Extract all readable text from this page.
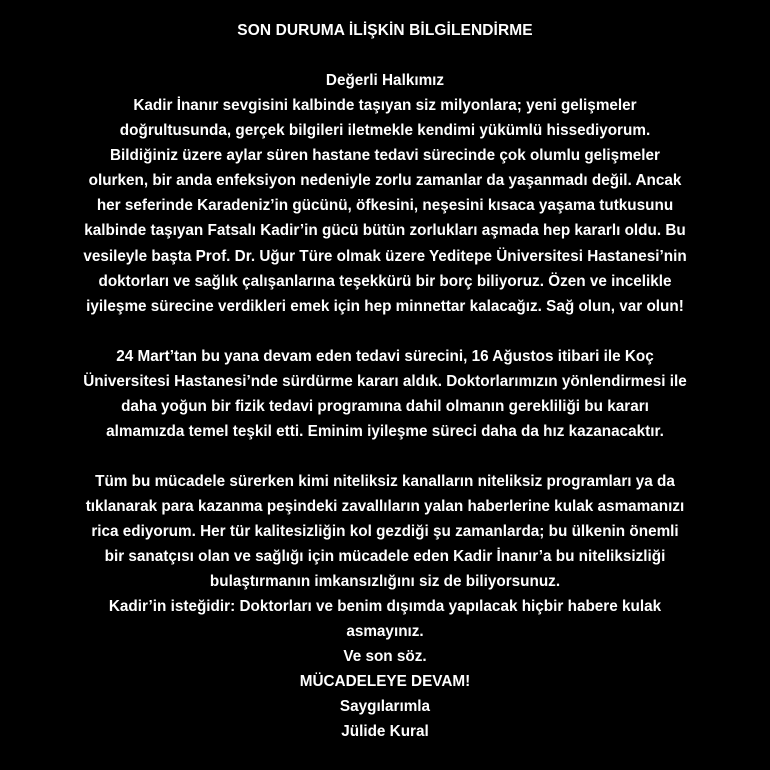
SON DURUMA İLİŞKİN BİLGİLENDİRME
Değerli Halkımız
Kadir İnanır sevgisini kalbinde taşıyan siz milyonlara; yeni gelişmeler
doğrultusunda, gerçek bilgileri iletmekle kendimi yükümlü hissediyorum.
Bildiğiniz üzere aylar süren hastane tedavi sürecinde çok olumlu gelişmeler
olurken, bir anda enfeksiyon nedeniyle zorlu zamanlar da yaşanmadı değil. Ancak
her seferinde Karadeniz’in gücünü, öfkesini, neşesini kısaca yaşama tutkusunu
kalbinde taşıyan Fatsalı Kadir’in gücü bütün zorlukları aşmada hep kararlı oldu. Bu
vesileyle başta Prof. Dr. Uğur Türe olmak üzere Yeditepe Üniversitesi Hastanesi’nin
doktorları ve sağlık çalışanlarına teşekkürü bir borç biliyoruz. Özen ve incelikle
iyileşme sürecine verdikleri emek için hep minnettar kalacağız. Sağ olun, var olun!
24 Mart’tan bu yana devam eden tedavi sürecini, 16 Ağustos itibari ile Koç
Üniversitesi Hastanesi’nde sürdürme kararı aldık. Doktorlarımızın yönlendirmesi ile
daha yoğun bir fizik tedavi programına dahil olmanın gerekliliği bu kararı
almamızda temel teşkil etti. Eminim iyileşme süreci daha da hız kazanacaktır.
Tüm bu mücadele sürerken kimi niteliksiz kanalların niteliksiz programları ya da
tıklanarak para kazanma peşindeki zavallıların yalan haberlerine kulak asmamanızı
rica ediyorum. Her tür kalitesizliğin kol gezdiği şu zamanlarda; bu ülkenin önemli
bir sanatçısı olan ve sağlığı için mücadele eden Kadir İnanır’a bu niteliksizliği
bulaştırmanın imkansızlığını siz de biliyorsunuz.
Kadir’in isteğidir: Doktorları ve benim dışımda yapılacak hiçbir habere kulak
asmayınız.
Ve son söz.
MÜCADELEYE DEVAM!
Saygılarımla
Jülide Kural
